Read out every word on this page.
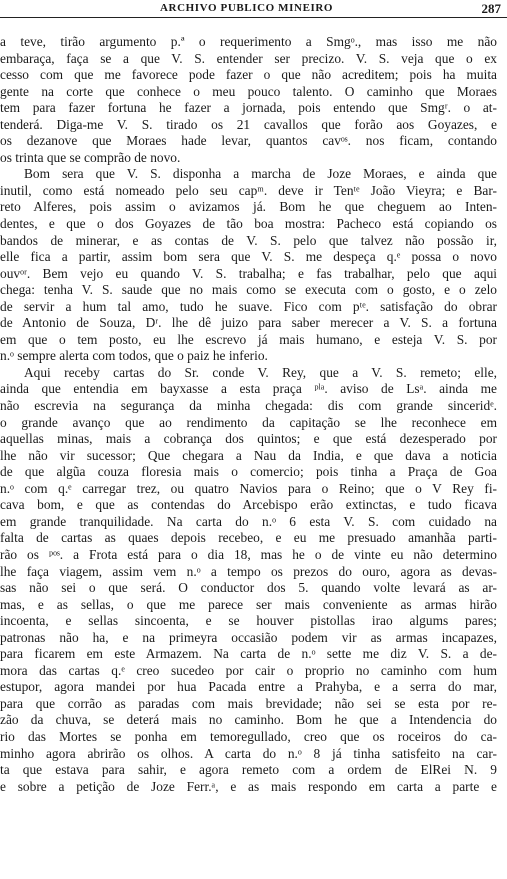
ARCHIVO PUBLICO MINEIRO	287
a teve, tirão argumento p.ª o requerimento a Smgᵒ., mas isso me não
embaraça, faça se a que V. S. entender ser precizo. V. S. veja que o ex
cesso com que me favorece pode fazer o que não acreditem; pois ha muita
gente na corte que conhece o meu pouco talento. O caminho que Moraes
tem para fazer fortuna he fazer a jornada, pois entendo que Smgʳ. o at-
tenderá. Diga-me V. S. tirado os 21 cavallos que forão aos Goyazes, e
os dezanove que Moraes hade levar, quantos cavᵒˢ. nos ficam, contando
os trinta que se comprão de novo.
Bom sera que V. S. disponha a marcha de Joze Moraes, e ainda que
inutil, como está nomeado pelo seu capᵐ. deve ir Tenᵗᵉ João Vieyra; e Bar-
reto Alferes, pois assim o avizamos já. Bom he que cheguem ao Inten-
dentes, e que o dos Goyazes de tão boa mostra: Pacheco está copiando os
bandos de minerar, e as contas de V. S. pelo que talvez não possão ir,
elle fica a partir, assim bom sera que V. S. me despeça q.ᵉ possa o novo
ouvᵒʳ. Bem vejo eu quando V. S. trabalha; e fas trabalhar, pelo que aqui
chega: tenha V. S. saude que no mais como se executa com o gosto, e o zelo
de servir a hum tal amo, tudo he suave. Fico com pᵗᵉ. satisfação do obrar
de Antonio de Souza, Dʳ. lhe dê juizo para saber merecer a V. S. a fortuna
em que o tem posto, eu lhe escrevo já mais humano, e esteja V. S. por
n.ᵒ sempre alerta com todos, que o paiz he inferio.
Aqui receby cartas do Sr. conde V. Rey, que a V. S. remeto; elle,
ainda que entendia em bayxasse a esta praça ᵖˡᵃ. aviso de Lsᵃ. ainda me
não escrevia na segurança da minha chegada: dis com grande sinceridᵉ.
o grande avanço que ao rendimento da capitação se lhe reconhece em
aquellas minas, mais a cobrança dos quintos; e que está dezesperado por
lhe não vir sucessor; Que chegara a Nau da India, e que dava a noticia
de que algũa couza floresia mais o comercio; pois tinha a Praça de Goa
n.ᵒ com q.ᵉ carregar trez, ou quatro Navios para o Reino; que o V Rey fi-
cava bom, e que as contendas do Arcebispo erão extinctas, e tudo ficava
em grande tranquilidade. Na carta do n.ᵒ 6 esta V. S. com cuidado na
falta de cartas as quaes depois recebeo, e eu me presuado amanhãa parti-
rão os ᵖᵒˢ. a Frota está para o dia 18, mas he o de vinte eu não determino
lhe faça viagem, assim vem n.ᵒ a tempo os prezos do ouro, agora as devas-
sas não sei o que será. O conductor dos 5. quando volte levará as ar-
mas, e as sellas, o que me parece ser mais conveniente as armas hirão
incoenta, e sellas sincoenta, e se houver pistollas irao algums pares;
patronas não ha, e na primeyra occasião podem vir as armas incapazes,
para ficarem em este Armazem. Na carta de n.ᵒ sette me diz V. S. a de-
mora das cartas q.ᵉ creo sucedeo por cair o proprio no caminho com hum
estupor, agora mandei por hua Pacada entre a Prahyba, e a serra do mar,
para que corrão as paradas com mais brevidade; não sei se esta por re-
zão da chuva, se deterá mais no caminho. Bom he que a Intendencia do
rio das Mortes se ponha em temoregullado, creo que os roceiros do ca-
minho agora abrirão os olhos. A carta do n.ᵒ 8 já tinha satisfeito na car-
ta que estava para sahir, e agora remeto com a ordem de ElRei N. 9
e sobre a petição de Joze Ferr.ᵃ, e as mais respondo em carta a parte e
